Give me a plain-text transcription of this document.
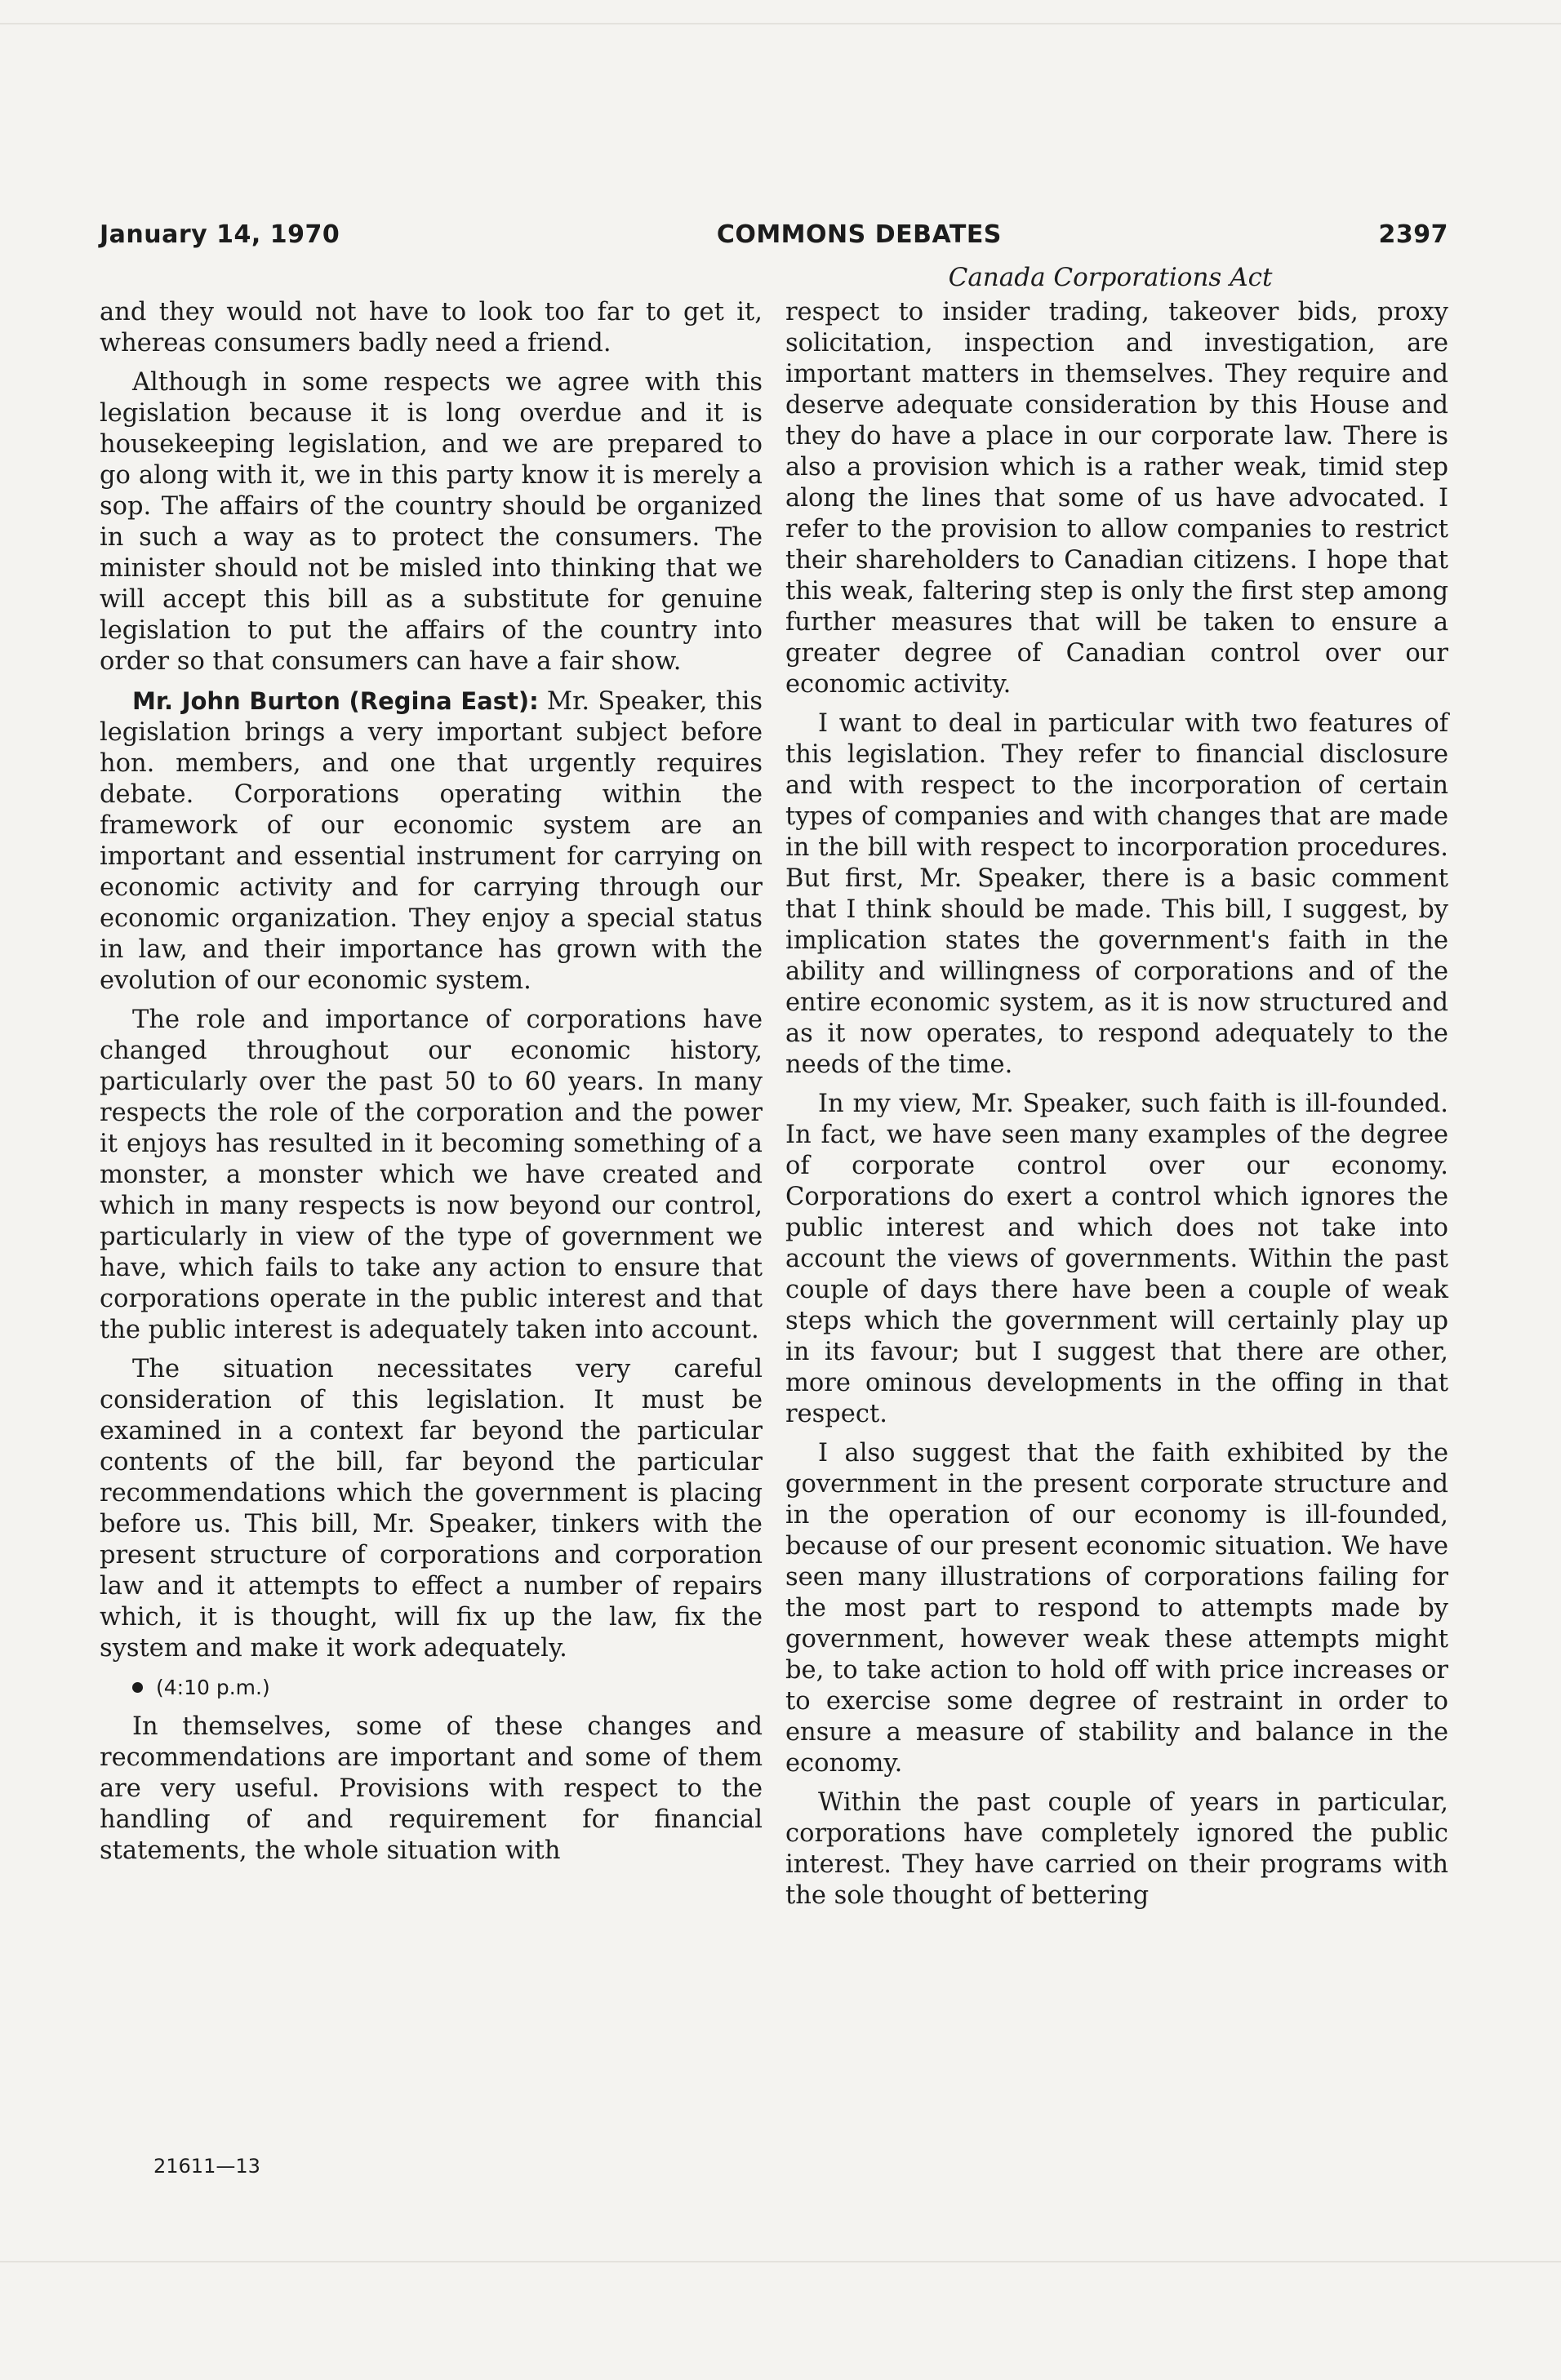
January 14, 1970	COMMONS DEBATES	2397
Canada Corporations Act

and they would not have to look too far to get it, whereas consumers badly need a friend.

Although in some respects we agree with this legislation because it is long overdue and it is housekeeping legislation, and we are prepared to go along with it, we in this party know it is merely a sop. The affairs of the country should be organized in such a way as to protect the consumers. The minister should not be misled into thinking that we will accept this bill as a substitute for genuine legislation to put the affairs of the country into order so that consumers can have a fair show.

Mr. John Burton (Regina East): Mr. Speaker, this legislation brings a very important subject before hon. members, and one that urgently requires debate. Corporations operating within the framework of our economic system are an important and essential instrument for carrying on economic activity and for carrying through our economic organization. They enjoy a special status in law, and their importance has grown with the evolution of our economic system.

The role and importance of corporations have changed throughout our economic history, particularly over the past 50 to 60 years. In many respects the role of the corporation and the power it enjoys has resulted in it becoming something of a monster, a monster which we have created and which in many respects is now beyond our control, particularly in view of the type of government we have, which fails to take any action to ensure that corporations operate in the public interest and that the public interest is adequately taken into account.

The situation necessitates very careful consideration of this legislation. It must be examined in a context far beyond the particular contents of the bill, far beyond the particular recommendations which the government is placing before us. This bill, Mr. Speaker, tinkers with the present structure of corporations and corporation law and it attempts to effect a number of repairs which, it is thought, will fix up the law, fix the system and make it work adequately.

(4:10 p.m.)

In themselves, some of these changes and recommendations are important and some of them are very useful. Provisions with respect to the handling of and requirement for financial statements, the whole situation with

respect to insider trading, takeover bids, proxy solicitation, inspection and investigation, are important matters in themselves. They require and deserve adequate consideration by this House and they do have a place in our corporate law. There is also a provision which is a rather weak, timid step along the lines that some of us have advocated. I refer to the provision to allow companies to restrict their shareholders to Canadian citizens. I hope that this weak, faltering step is only the first step among further measures that will be taken to ensure a greater degree of Canadian control over our economic activity.

I want to deal in particular with two features of this legislation. They refer to financial disclosure and with respect to the incorporation of certain types of companies and with changes that are made in the bill with respect to incorporation procedures. But first, Mr. Speaker, there is a basic comment that I think should be made. This bill, I suggest, by implication states the government's faith in the ability and willingness of corporations and of the entire economic system, as it is now structured and as it now operates, to respond adequately to the needs of the time.

In my view, Mr. Speaker, such faith is ill-founded. In fact, we have seen many examples of the degree of corporate control over our economy. Corporations do exert a control which ignores the public interest and which does not take into account the views of governments. Within the past couple of days there have been a couple of weak steps which the government will certainly play up in its favour; but I suggest that there are other, more ominous developments in the offing in that respect.

I also suggest that the faith exhibited by the government in the present corporate structure and in the operation of our economy is ill-founded, because of our present economic situation. We have seen many illustrations of corporations failing for the most part to respond to attempts made by government, however weak these attempts might be, to take action to hold off with price increases or to exercise some degree of restraint in order to ensure a measure of stability and balance in the economy.

Within the past couple of years in particular, corporations have completely ignored the public interest. They have carried on their programs with the sole thought of bettering

21611—13
